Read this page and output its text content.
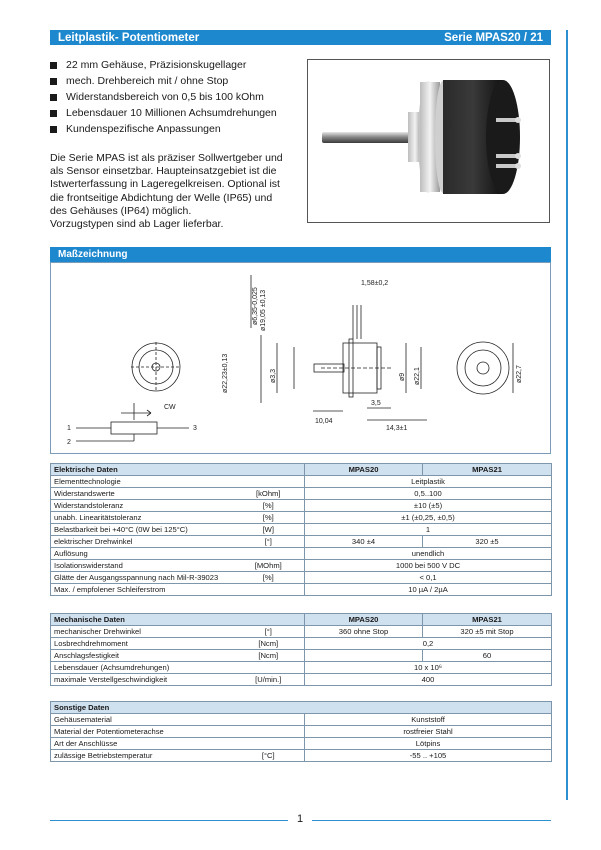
Leitplastik- Potentiometer	Serie MPAS20 / 21
22 mm Gehäuse, Präzisionskugellager
mech. Drehbereich mit / ohne Stop
Widerstandsbereich von 0,5 bis 100 kOhm
Lebensdauer 10 Millionen Achsumdrehungen
Kundenspezifische Anpassungen
Die Serie MPAS ist als präziser Sollwertgeber und
als Sensor einsetzbar. Haupteinsatzgebiet ist die
Istwerterfassung in Lageregelkreisen. Optional ist
die frontseitige Abdichtung der Welle (IP65) und
des Gehäuses (IP64) möglich.
Vorzugstypen sind ab Lager lieferbar.
Maßzeichnung
CW
1
2
3
1,58±0,2
10,04
3,5
14,3±1
ø6,35-0,025 ø19,05 ±0,13
ø22,23±0,13	ø3,3	ø9 ø22,1	ø22,7
Elektrische Daten		MPAS20	MPAS21
Elementtechnologie		Leitplastik	
Widerstandswerte	[kOhm]	0,5..100	
Widerstandstoleranz	[%]	±10 (±5)	
unabh. Linearitätstoleranz	[%]	±1 (±0,25, ±0,5)	
Belastbarkeit bei +40°C (0W bei 125°C)	[W]	1	
elektrischer Drehwinkel	[°]	340 ±4	320 ±5
Auflösung		unendlich	
Isolationswiderstand	[MOhm]	1000 bei 500 V DC	
Glätte der Ausgangsspannung nach Mil-R-39023	[%]	< 0,1	
Max. / empfolener Schleiferstrom		10 µA / 2µA	
Mechanische Daten		MPAS20	MPAS21
mechanischer Drehwinkel	[°]	360 ohne Stop	320 ±5 mit Stop
Losbrechdrehmoment	[Ncm]	0,2	
Anschlagsfestigkeit	[Ncm]		60
Lebensdauer (Achsumdrehungen)		10 x 10⁶	
maximale Verstellgeschwindigkeit	[U/min.]	400	
Sonstige Daten		
Gehäusematerial		Kunststoff
Material der Potentiometerachse		rostfreier Stahl
Art der Anschlüsse		Lötpins
zulässige Betriebstemperatur	[°C]	-55 .. +105
1
